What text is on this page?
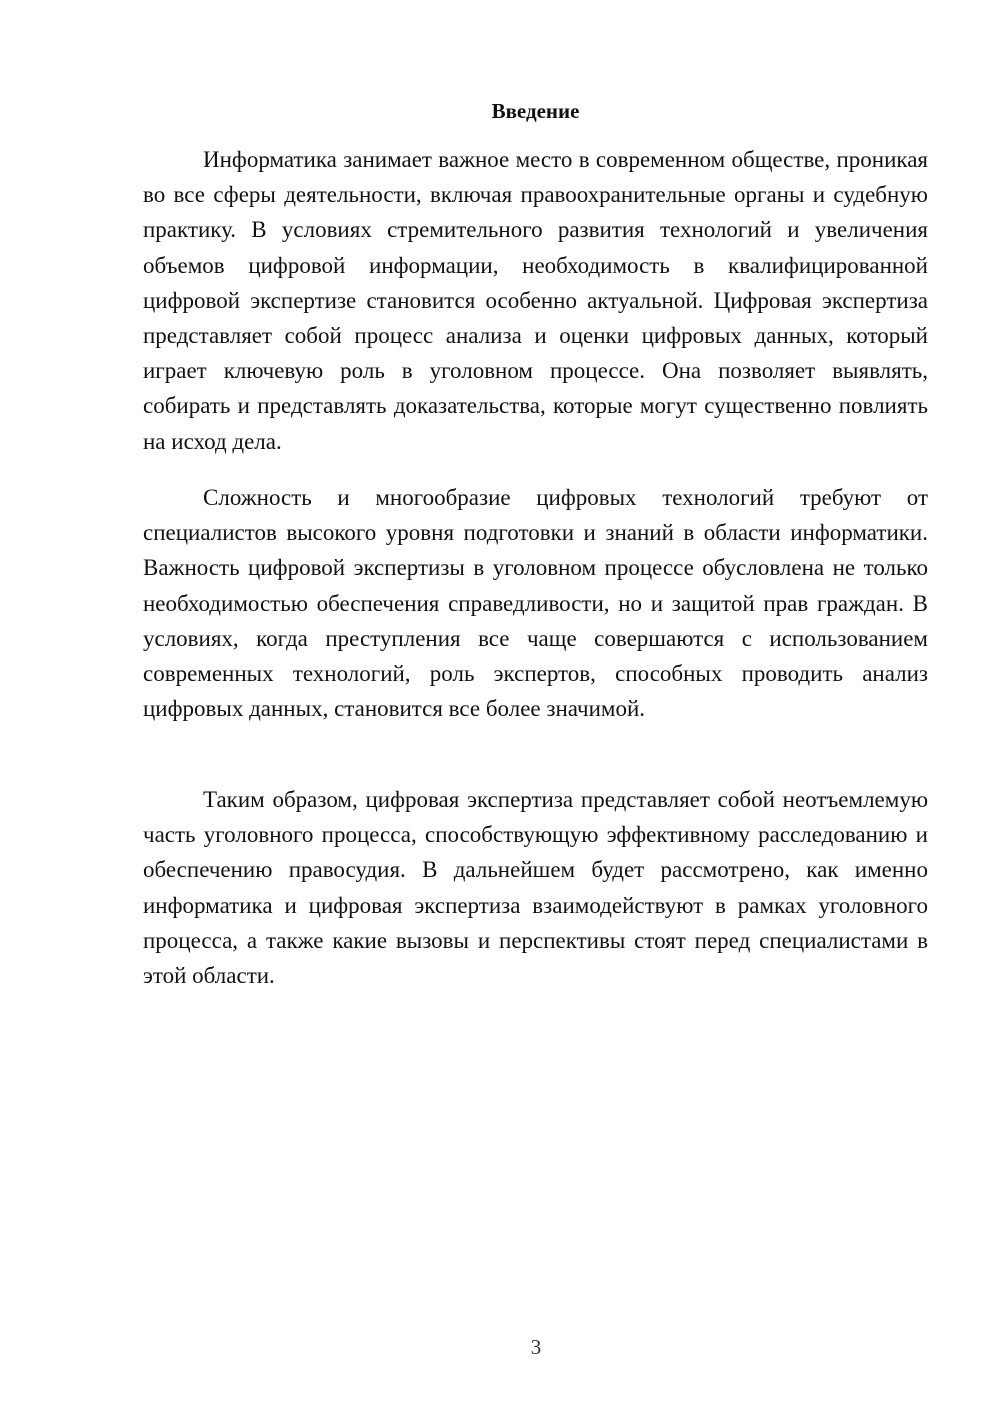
Введение

Информатика занимает важное место в современном обществе, проникая во все сферы деятельности, включая правоохранительные органы и судебную практику. В условиях стремительного развития технологий и увеличения объемов цифровой информации, необходимость в квалифицированной цифровой экспертизе становится особенно актуальной. Цифровая экспертиза представляет собой процесс анализа и оценки цифровых данных, который играет ключевую роль в уголовном процессе. Она позволяет выявлять, собирать и представлять доказательства, которые могут существенно повлиять на исход дела.

Сложность и многообразие цифровых технологий требуют от специалистов высокого уровня подготовки и знаний в области информатики. Важность цифровой экспертизы в уголовном процессе обусловлена не только необходимостью обеспечения справедливости, но и защитой прав граждан. В условиях, когда преступления все чаще совершаются с использованием современных технологий, роль экспертов, способных проводить анализ цифровых данных, становится все более значимой.

Таким образом, цифровая экспертиза представляет собой неотъемлемую часть уголовного процесса, способствующую эффективному расследованию и обеспечению правосудия. В дальнейшем будет рассмотрено, как именно информатика и цифровая экспертиза взаимодействуют в рамках уголовного процесса, а также какие вызовы и перспективы стоят перед специалистами в этой области.

3
